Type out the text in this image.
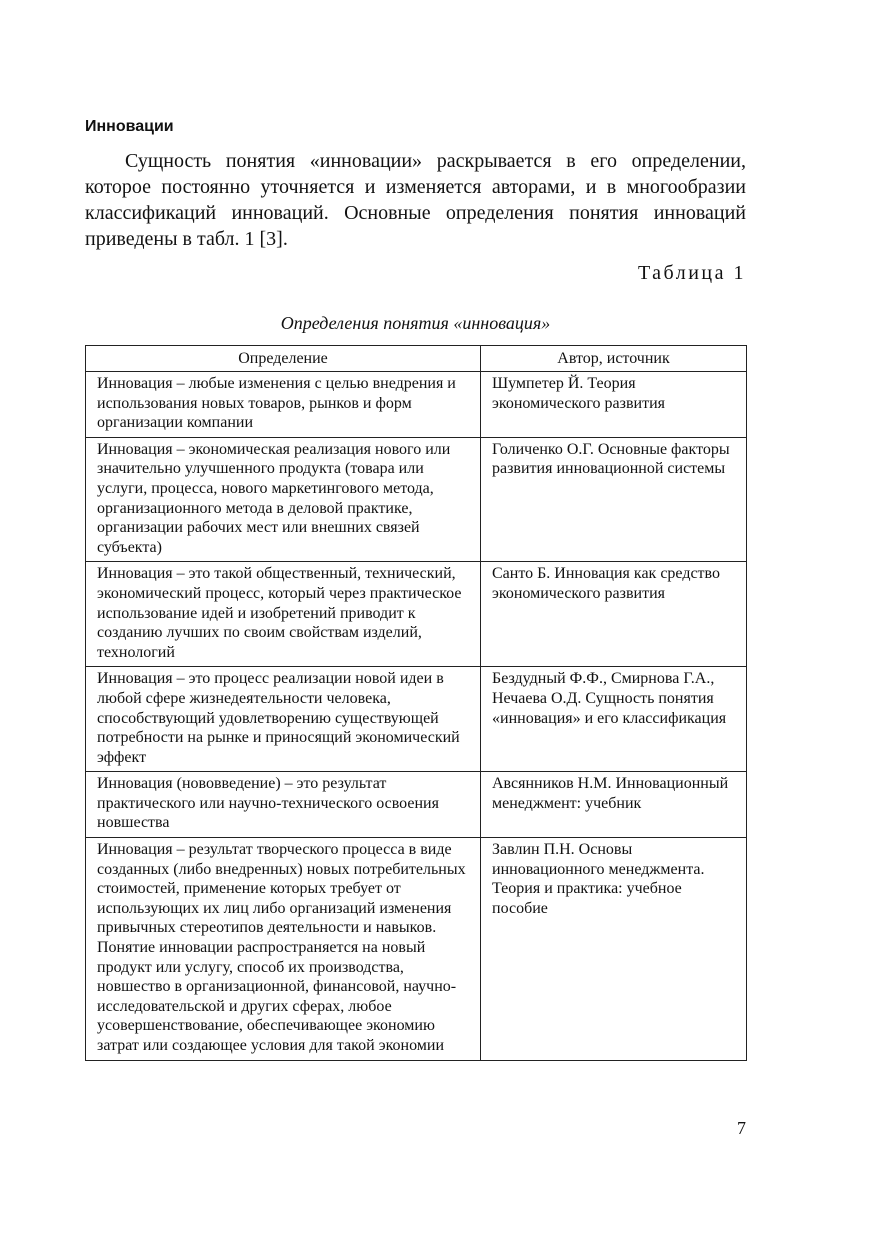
Инновации

Сущность понятия «инновации» раскрывается в его определении, которое постоянно уточняется и изменяется авторами, и в многообразии классификаций инноваций. Основные определения понятия инноваций приведены в табл. 1 [3].

Таблица 1

Определения понятия «инновация»

Определение	Автор, источник
Инновация – любые изменения с целью внедрения и использования новых товаров, рынков и форм организации компании	Шумпетер Й. Теория экономического развития
Инновация – экономическая реализация нового или значительно улучшенного продукта (товара или услуги, процесса, нового маркетингового метода, организационного метода в деловой практике, организации рабочих мест или внешних связей субъекта)	Голиченко О.Г. Основные факторы развития инновационной системы
Инновация – это такой общественный, технический, экономический процесс, который через практическое использование идей и изобретений приводит к созданию лучших по своим свойствам изделий, технологий	Санто Б. Инновация как средство экономического развития
Инновация – это процесс реализации новой идеи в любой сфере жизнедеятельности человека, способствующий удовлетворению существующей потребности на рынке и приносящий экономический эффект	Бездудный Ф.Ф., Смирнова Г.А., Нечаева О.Д. Сущность понятия «инновация» и его классификация
Инновация (нововведение) – это результат практического или научно-технического освоения новшества	Авсянников Н.М. Инновационный менеджмент: учебник
Инновация – результат творческого процесса в виде созданных (либо внедренных) новых потребительных стоимостей, применение которых требует от использующих их лиц либо организаций изменения привычных стереотипов деятельности и навыков. Понятие инновации распространяется на новый продукт или услугу, способ их производства, новшество в организационной, финансовой, научно-исследовательской и других сферах, любое усовершенствование, обеспечивающее экономию затрат или создающее условия для такой экономии	Завлин П.Н. Основы инновационного менеджмента. Теория и практика: учебное пособие

7
